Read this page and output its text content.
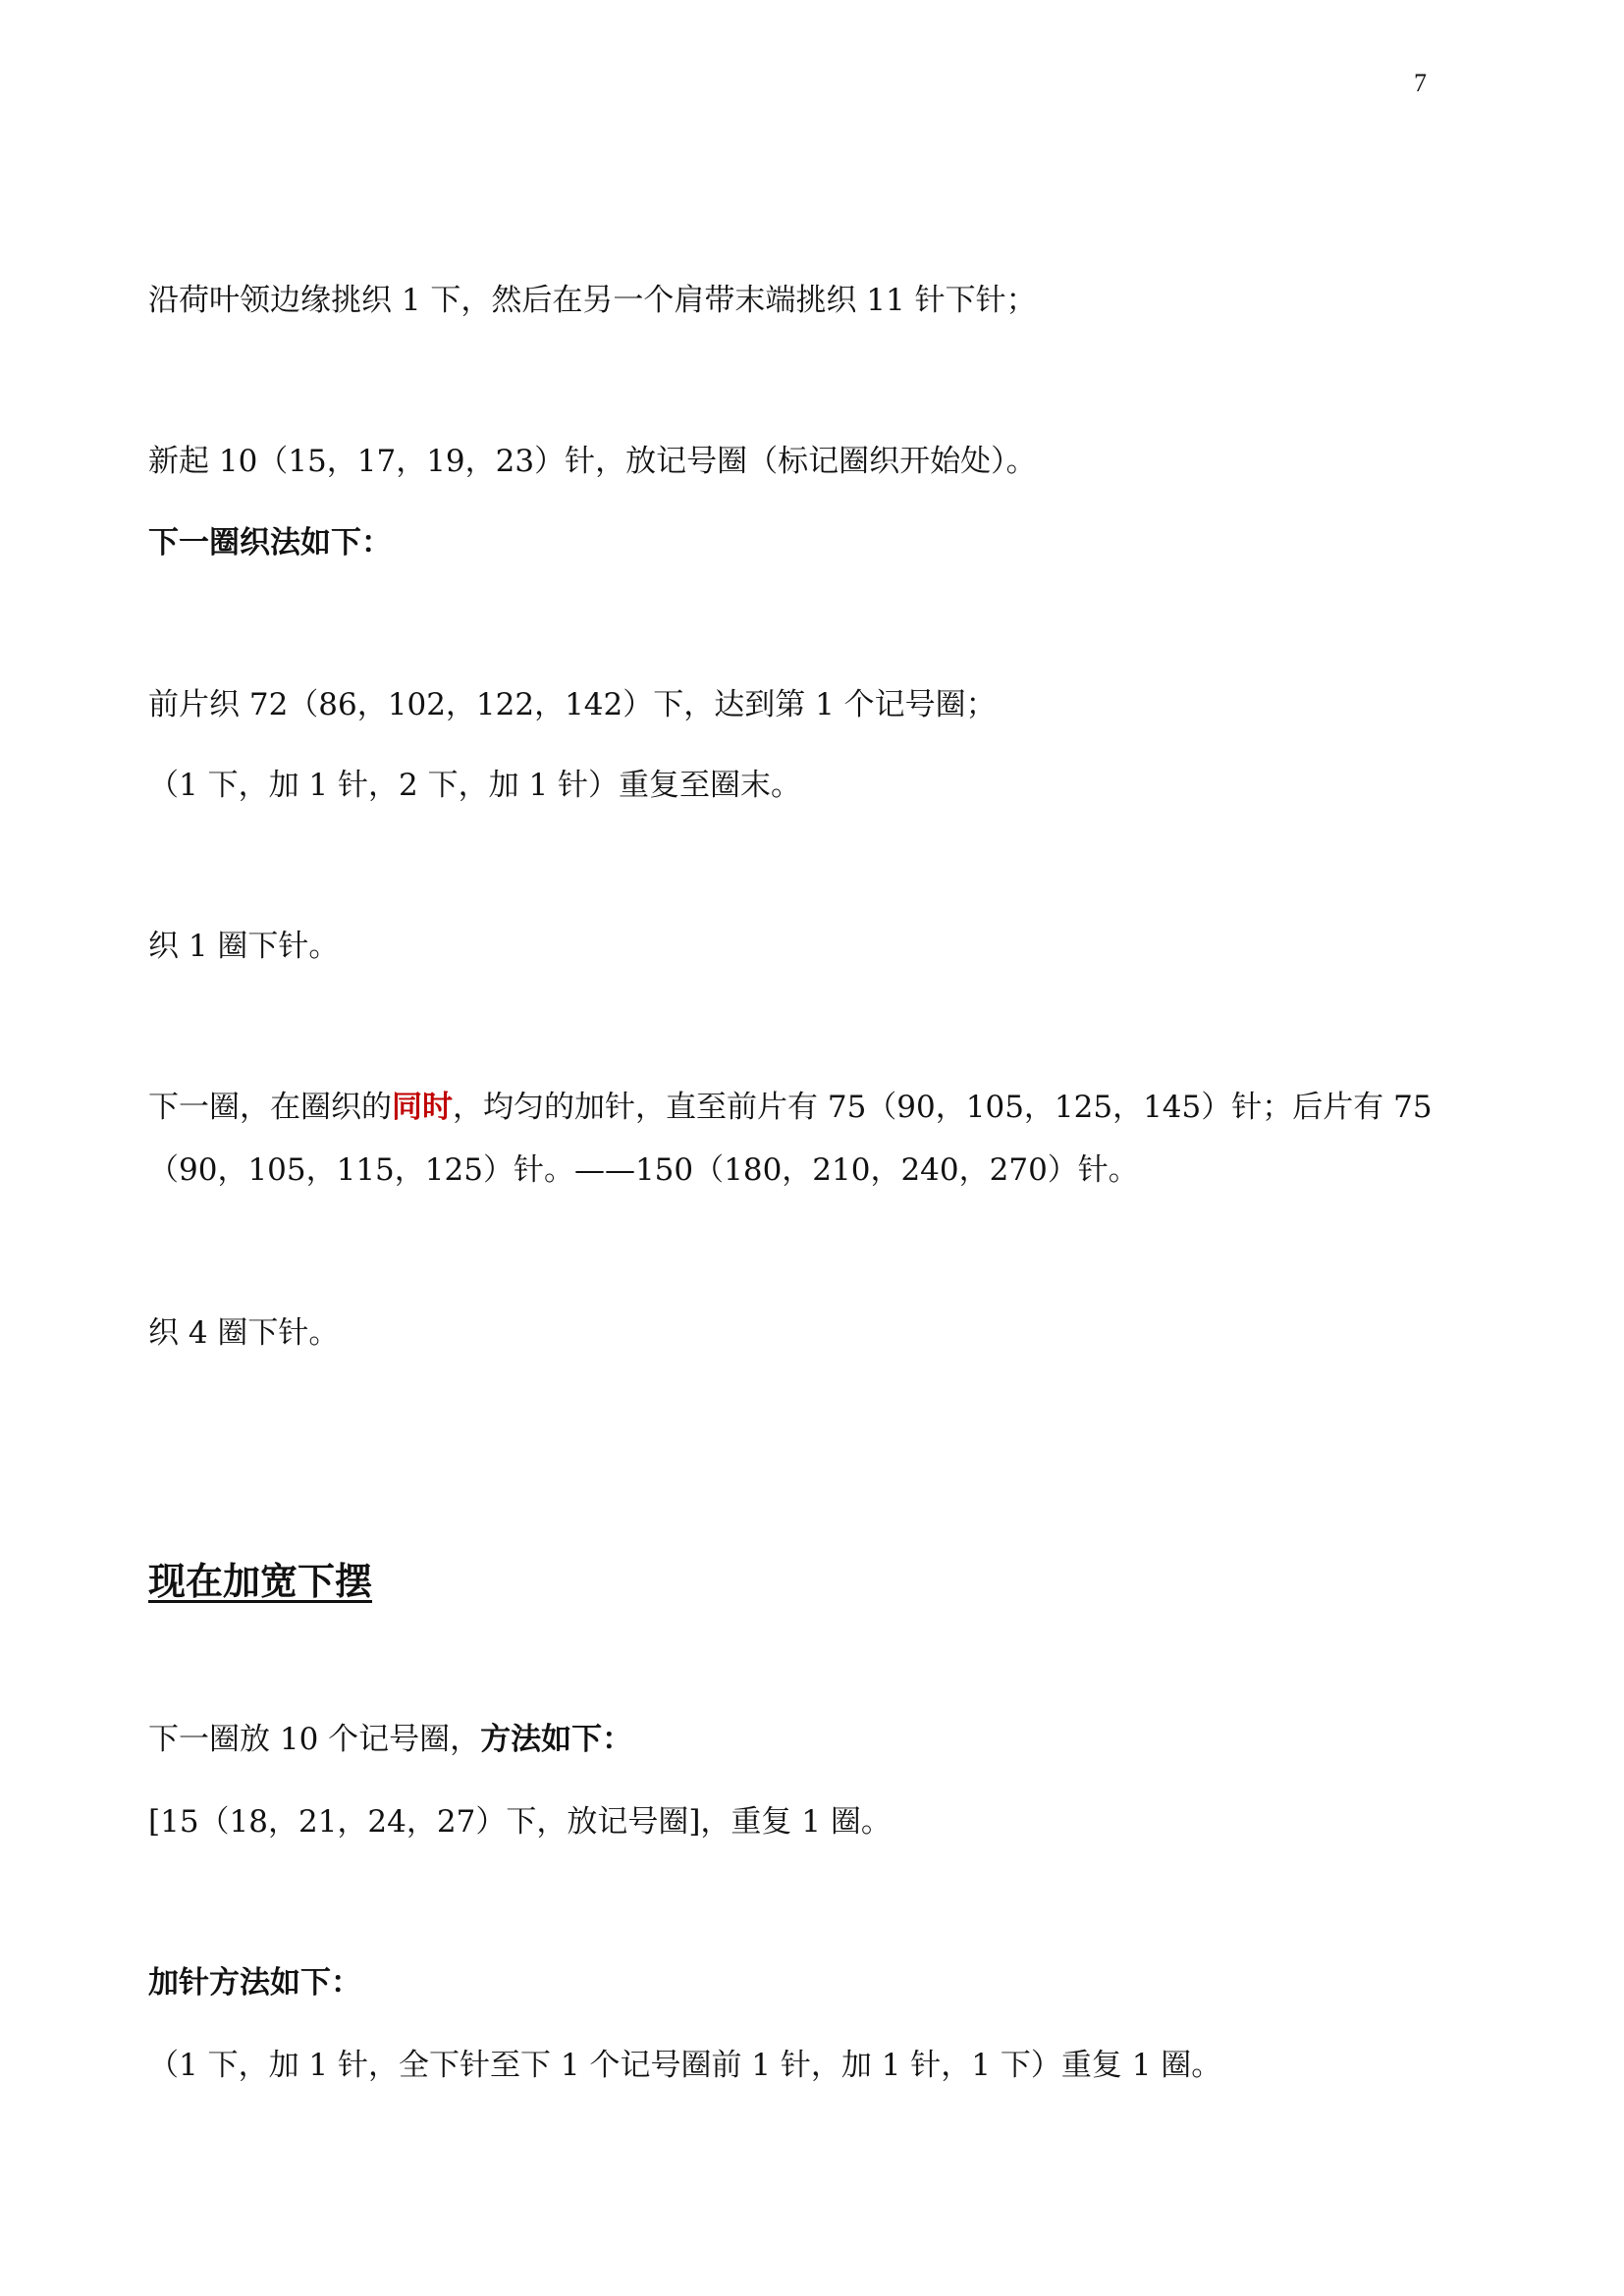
7
沿荷叶领边缘挑织 1 下，然后在另一个肩带末端挑织 11 针下针；
新起 10（15，17，19，23）针，放记号圈（标记圈织开始处）。
下一圈织法如下：
前片织 72（86，102，122，142）下，达到第 1 个记号圈；
（1 下，加 1 针，2 下，加 1 针）重复至圈末。
织 1 圈下针。
下一圈，在圈织的同时，均匀的加针，直至前片有 75（90，105，125，145）针；后片有 75
（90，105，115，125）针。——150（180，210，240，270）针。
织 4 圈下针。
现在加宽下摆
下一圈放 10 个记号圈，方法如下：
[15（18，21，24，27）下，放记号圈]，重复 1 圈。
加针方法如下：
（1 下，加 1 针，全下针至下 1 个记号圈前 1 针，加 1 针，1 下）重复 1 圈。
